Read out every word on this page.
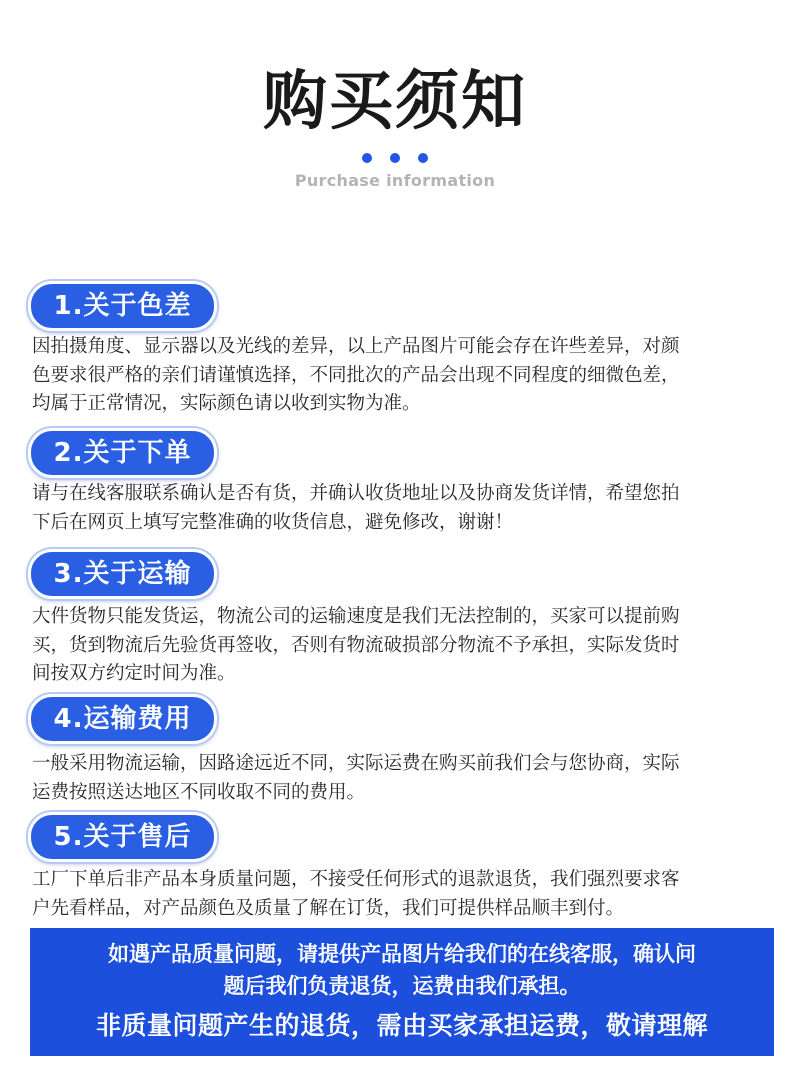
购买须知
Purchase information
1.关于色差

因拍摄角度、显示器以及光线的差异，以上产品图片可能会存在许些差异，对颜
色要求很严格的亲们请谨慎选择，不同批次的产品会出现不同程度的细微色差，
均属于正常情况，实际颜色请以收到实物为准。

2.关于下单

请与在线客服联系确认是否有货，并确认收货地址以及协商发货详情，希望您拍
下后在网页上填写完整准确的收货信息，避免修改，谢谢！

3.关于运输

大件货物只能发货运，物流公司的运输速度是我们无法控制的，买家可以提前购
买，货到物流后先验货再签收，否则有物流破损部分物流不予承担，实际发货时
间按双方约定时间为准。

4.运输费用

一般采用物流运输，因路途远近不同，实际运费在购买前我们会与您协商，实际
运费按照送达地区不同收取不同的费用。

5.关于售后

工厂下单后非产品本身质量问题，不接受任何形式的退款退货，我们强烈要求客
户先看样品，对产品颜色及质量了解在订货，我们可提供样品顺丰到付。

如遇产品质量问题，请提供产品图片给我们的在线客服，确认问
题后我们负责退货，运费由我们承担。
非质量问题产生的退货，需由买家承担运费，敬请理解
